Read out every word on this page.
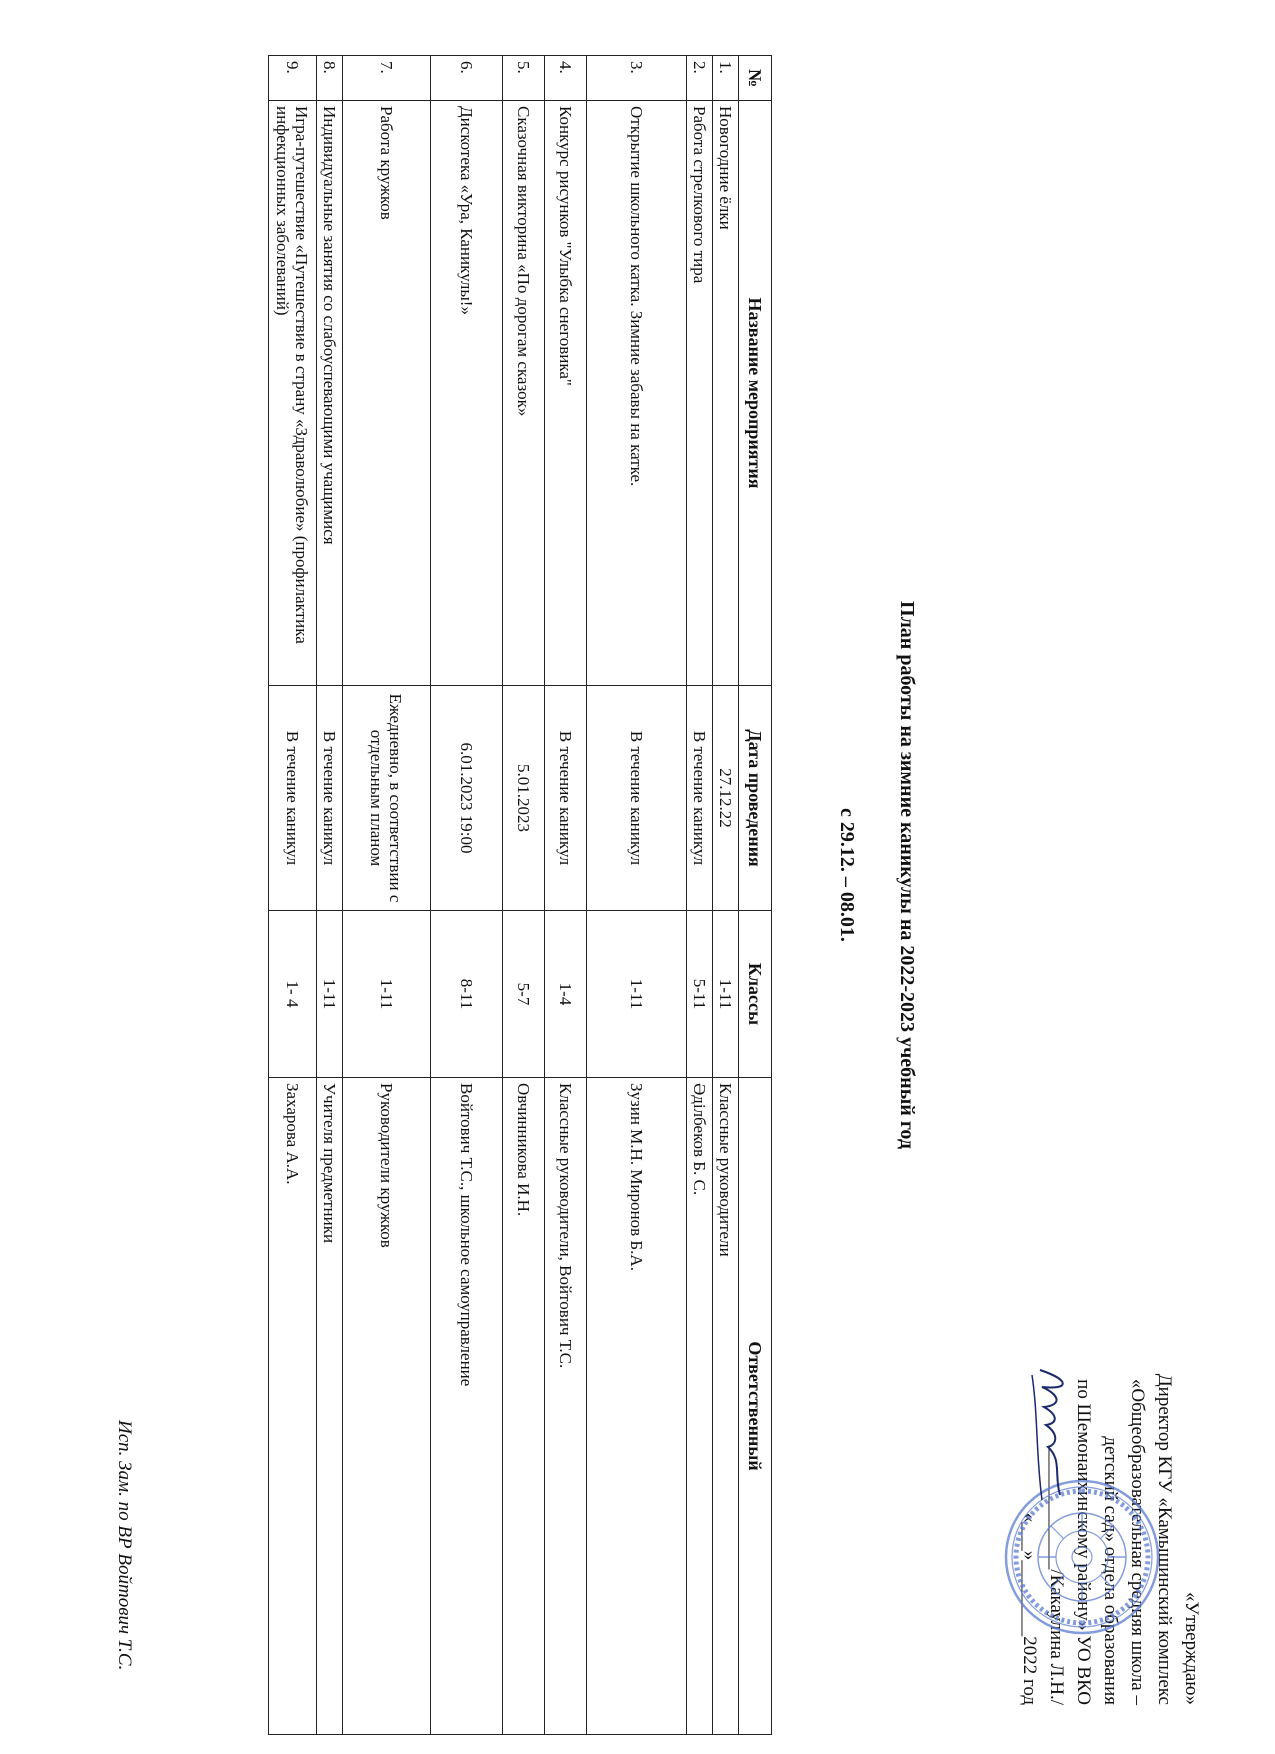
«Утверждаю»
Директор КГУ «Камышинский комплекс
«Общеобразовательная средняя школа –
детский сад» отдела образования
по Шемонаихинскому району» УО ВКО
_____________/Какаулина Л.Н./
«___»________2022 год
План работы на зимние каникулы на 2022-2023 учебный год
с 29.12. – 08.01.
№	Название мероприятия	Дата проведения	Классы	Ответственный
1.	Новогодние ёлки	27.12.22	1-11	Классные руководители
2.	Работа стрелкового тира	В течение каникул	5-11	Әділбеков Б. С.
3.	Открытие школьного катка. Зимние забавы на катке.	В течение каникул	1-11	Зузин М.Н. Миронов Б.А.
4.	Конкурс рисунков "Улыбка снеговика"	В течение каникул	1-4	Классные руководители, Войтович Т.С.
5.	Сказочная викторина «По дорогам сказок»	5.01.2023	5-7	Овчинникова И.Н.
6.	Дискотека «Ура, Каникулы!»	6.01.2023 19:00	8-11	Войтович Т.С., школьное самоуправление
7.	Работа кружков	Ежедневно, в соответствии с отдельным планом	1-11	Руководители кружков
8.	Индивидуальные занятия со слабоуспевающими учащимися	В течение каникул	1-11	Учителя предметники
9.	Игра-путешествие «Путешествие в страну «Здраволюбие» (профилактика инфекционных заболеваний)	В течение каникул	1- 4	Захарова А.А.
Исп. Зам. по ВР Войтович Т.С.
